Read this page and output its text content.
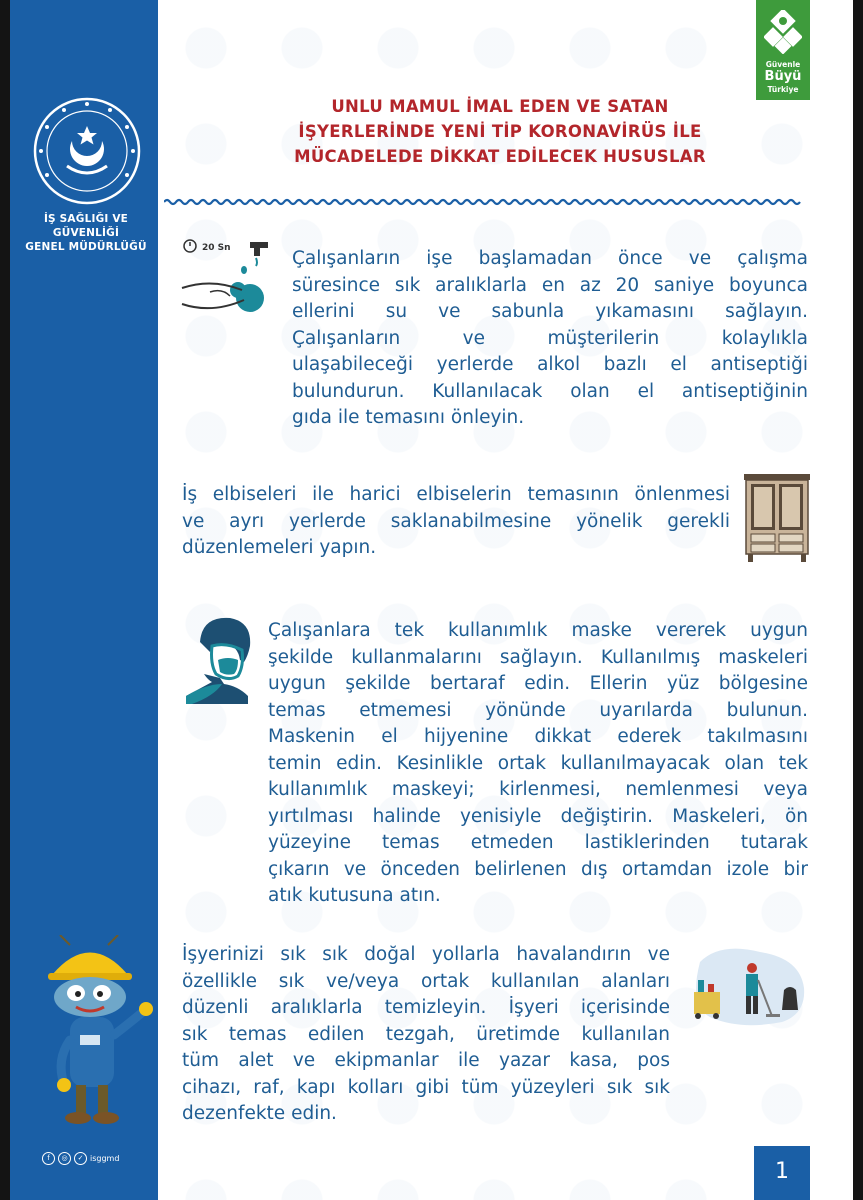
İŞ SAĞLIĞI VE GÜVENLİĞİ
GENEL MÜDÜRLÜĞÜ
f	◎	✓ isggmd
Güvenle
Büyü
Türkiye
UNLU MAMUL İMAL EDEN VE SATAN
İŞYERLERİNDE YENİ TİP KORONAVİRÜS İLE
MÜCADELEDE DİKKAT EDİLECEK HUSUSLAR
20 Sn	Çalışanların işe başlamadan önce ve çalışma
süresince sık aralıklarla en az 20 saniye boyunca
ellerini su ve sabunla yıkamasını sağlayın.
Çalışanların ve müşterilerin kolaylıkla
ulaşabileceği yerlerde alkol bazlı el antiseptiği
bulundurun. Kullanılacak olan el antiseptiğinin
gıda ile temasını önleyin.
İş elbiseleri ile harici elbiselerin temasının önlenmesi
ve ayrı yerlerde saklanabilmesine yönelik gerekli
düzenlemeleri yapın.
Çalışanlara tek kullanımlık maske vererek uygun
şekilde kullanmalarını sağlayın. Kullanılmış maskeleri
uygun şekilde bertaraf edin. Ellerin yüz bölgesine
temas etmemesi yönünde uyarılarda bulunun.
Maskenin el hijyenine dikkat ederek takılmasını
temin edin. Kesinlikle ortak kullanılmayacak olan tek
kullanımlık maskeyi; kirlenmesi, nemlenmesi veya
yırtılması halinde yenisiyle değiştirin. Maskeleri, ön
yüzeyine temas etmeden lastiklerinden tutarak
çıkarın ve önceden belirlenen dış ortamdan izole bir
atık kutusuna atın.
İşyerinizi sık sık doğal yollarla havalandırın ve
özellikle sık ve/veya ortak kullanılan alanları
düzenli aralıklarla temizleyin. İşyeri içerisinde
sık temas edilen tezgah, üretimde kullanılan
tüm alet ve ekipmanlar ile yazar kasa, pos
cihazı, raf, kapı kolları gibi tüm yüzeyleri sık sık
dezenfekte edin.
1
